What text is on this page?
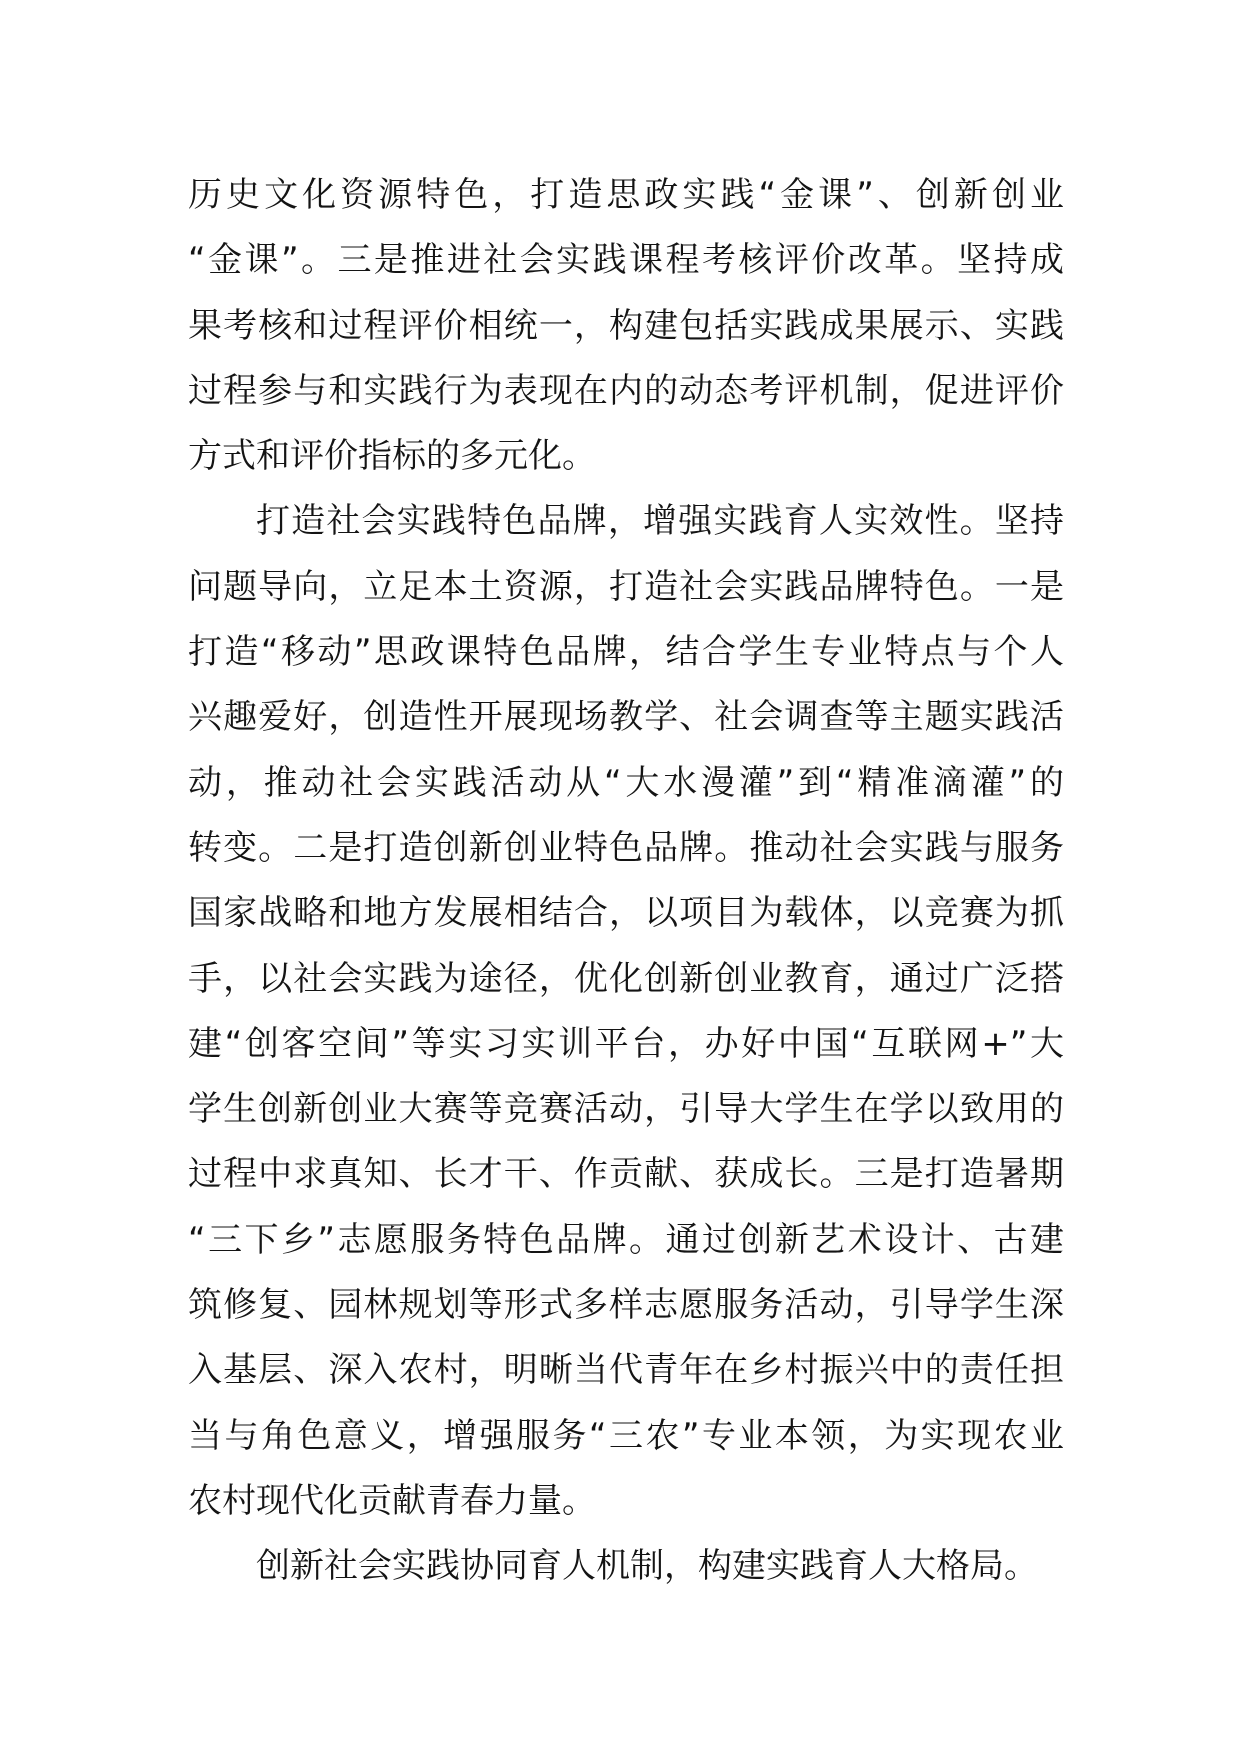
历史文化资源特色，打造思政实践“金课”、创新创业
“金课”。三是推进社会实践课程考核评价改革。坚持成
果考核和过程评价相统一，构建包括实践成果展示、实践
过程参与和实践行为表现在内的动态考评机制，促进评价
方式和评价指标的多元化。
打造社会实践特色品牌，增强实践育人实效性。坚持
问题导向，立足本土资源，打造社会实践品牌特色。一是
打造“移动”思政课特色品牌，结合学生专业特点与个人
兴趣爱好，创造性开展现场教学、社会调查等主题实践活
动，推动社会实践活动从“大水漫灌”到“精准滴灌”的
转变。二是打造创新创业特色品牌。推动社会实践与服务
国家战略和地方发展相结合，以项目为载体，以竞赛为抓
手，以社会实践为途径，优化创新创业教育，通过广泛搭
建“创客空间”等实习实训平台，办好中国“互联网+”大
学生创新创业大赛等竞赛活动，引导大学生在学以致用的
过程中求真知、长才干、作贡献、获成长。三是打造暑期
“三下乡”志愿服务特色品牌。通过创新艺术设计、古建
筑修复、园林规划等形式多样志愿服务活动，引导学生深
入基层、深入农村，明晰当代青年在乡村振兴中的责任担
当与角色意义，增强服务“三农”专业本领，为实现农业
农村现代化贡献青春力量。
创新社会实践协同育人机制，构建实践育人大格局。
